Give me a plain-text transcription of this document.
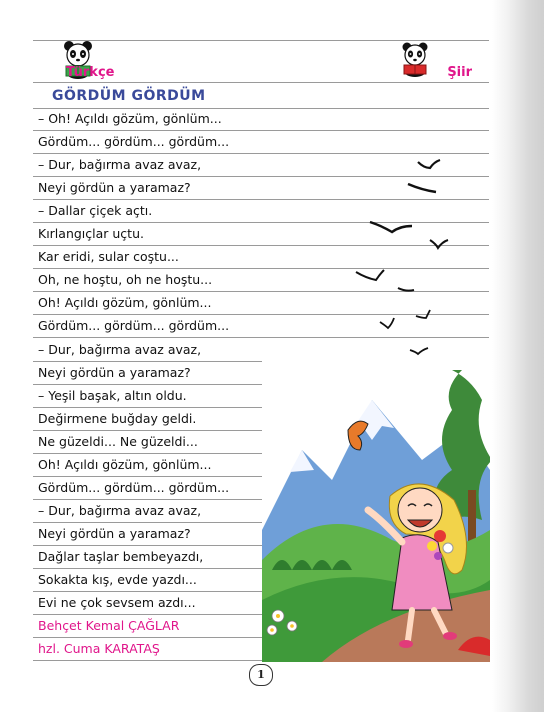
Türkçe	Şiir
GÖRDÜM GÖRDÜM
– Oh! Açıldı gözüm, gönlüm...
Gördüm... gördüm... gördüm...
– Dur, bağırma avaz avaz,
Neyi gördün a yaramaz?
– Dallar çiçek açtı.
Kırlangıçlar uçtu.
Kar eridi, sular coştu...
Oh, ne hoştu, oh ne hoştu...
Oh! Açıldı gözüm, gönlüm...
Gördüm... gördüm... gördüm...
– Dur, bağırma avaz avaz,
Neyi gördün a yaramaz?
– Yeşil başak, altın oldu.
Değirmene buğday geldi.
Ne güzeldi... Ne güzeldi...
Oh! Açıldı gözüm, gönlüm...
Gördüm... gördüm... gördüm...
– Dur, bağırma avaz avaz,
Neyi gördün a yaramaz?
Dağlar taşlar bembeyazdı,
Sokakta kış, evde yazdı...
Evi ne çok sevsem azdı...
Behçet Kemal ÇAĞLAR
hzl. Cuma KARATAŞ
1
